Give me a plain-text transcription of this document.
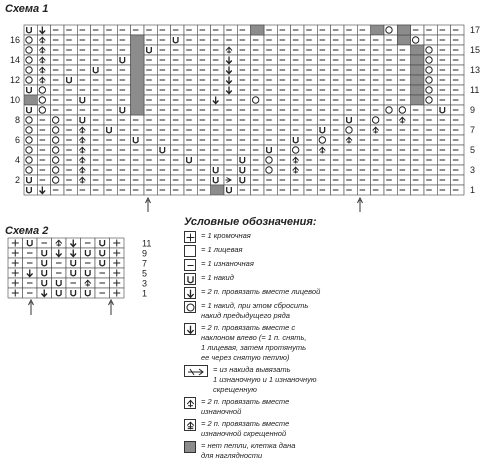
Схема 1
16
14
12
10
8
6
4
2
17
15
13
11
9
7
5
3
1
Схема 2
11
9
7
5
3
1
Условные обозначения:
= 1 кромочная
= 1 лицевая
= 1 изнаночная
= 1 накид
= 2 п. провязать вместе лицевой
= 1 накид, при этом сбросить
накид предыдущего ряда
= 2 п. провязать вместе с
наклоном влево (= 1 п. снять,
1 лицевая, затем протянуть
ее через снятую петлю)
= из накида вывязать
1 изнаночную и 1 изнаночную
скрещенную
= 2 п. провязать вместе
изнаночной
= 2 п. провязать вместе
изнаночной скрещенной
= нет петли, клетка дана
для наглядности
